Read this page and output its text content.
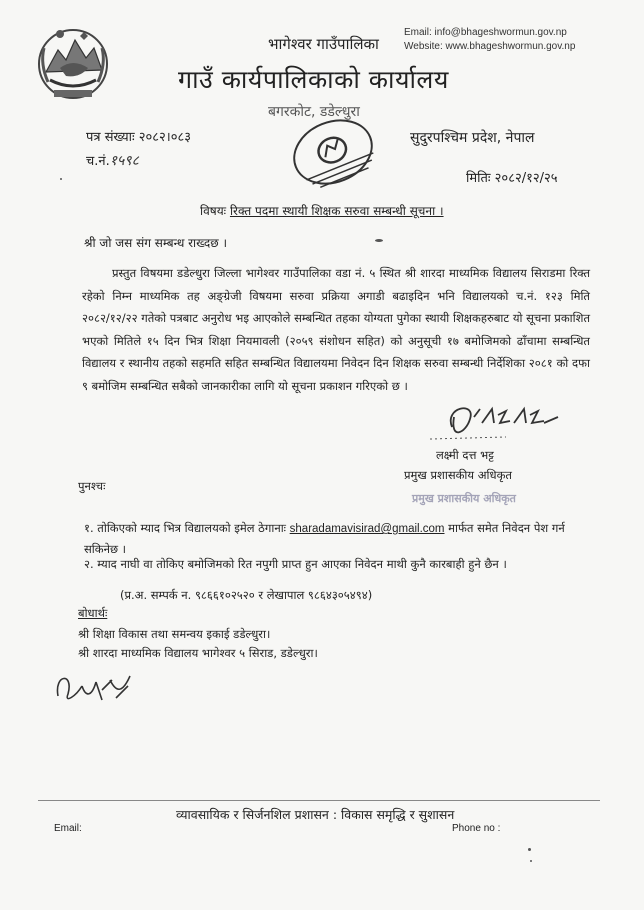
Email: info@bhageshwormun.gov.np
Website: www.bhageshwormun.gov.np
भागेश्वर गाउँपालिका
गाउँ कार्यपालिकाको कार्यालय
बगरकोट, डडेल्धुरा
पत्र संख्याः २०८२।०८३
च.नं.१५९८
सुदुरपश्चिम प्रदेश, नेपाल
मितिः २०८२/१२/२५
विषयः रिक्त पदमा स्थायी शिक्षक सरुवा सम्बन्धी सूचना ।
श्री जो जस संग सम्बन्ध राख्दछ ।
प्रस्तुत विषयमा डडेल्धुरा जिल्ला भागेश्वर गाउँपालिका वडा नं. ५ स्थित श्री शारदा माध्यमिक विद्यालय सिराडमा रिक्त रहेको निम्न माध्यमिक तह अङ्ग्रेजी विषयमा सरुवा प्रक्रिया अगाडी बढाइदिन भनि विद्यालयको च.नं. १२३ मिति २०८२/१२/२२ गतेको पत्रबाट अनुरोध भइ आएकोले सम्बन्धित तहका योग्यता पुगेका स्थायी शिक्षकहरुबाट यो सूचना प्रकाशित भएको मितिले १५ दिन भित्र शिक्षा नियमावली (२०५९ संशोधन सहित) को अनुसूची १७ बमोजिमको ढाँचामा सम्बन्धित विद्यालय र स्थानीय तहको सहमति सहित सम्बन्धित विद्यालयमा निवेदन दिन शिक्षक सरुवा सम्बन्धी निर्देशिका २०८१ को दफा ९ बमोजिम सम्बन्धित सबैको जानकारीका लागि यो सूचना प्रकाशन गरिएको छ ।
लक्ष्मी दत्त भट्ट
प्रमुख प्रशासकीय अधिकृत
प्रमुख प्रशासकीय अधिकृत
पुनश्चः
१. तोकिएको म्याद भित्र विद्यालयको इमेल ठेगानाः sharadamavisirad@gmail.com मार्फत समेत निवेदन पेश गर्न सकिनेछ ।
२. म्याद नाघी वा तोकिए बमोजिमको रित नपुगी प्राप्त हुन आएका निवेदन माथी कुनै कारबाही हुने छैन ।
(प्र.अ. सम्पर्क न. ९८६६१०२५२० र लेखापाल ९८६४३०५४९४)
बोधार्थः
श्री शिक्षा विकास तथा समन्वय इकाई डडेल्धुरा।
श्री शारदा माध्यमिक विद्यालय भागेश्वर ५ सिराड, डडेल्धुरा।
व्यावसायिक र सिर्जनशिल प्रशासन : विकास समृद्धि र सुशासन
Email:	Phone no :
